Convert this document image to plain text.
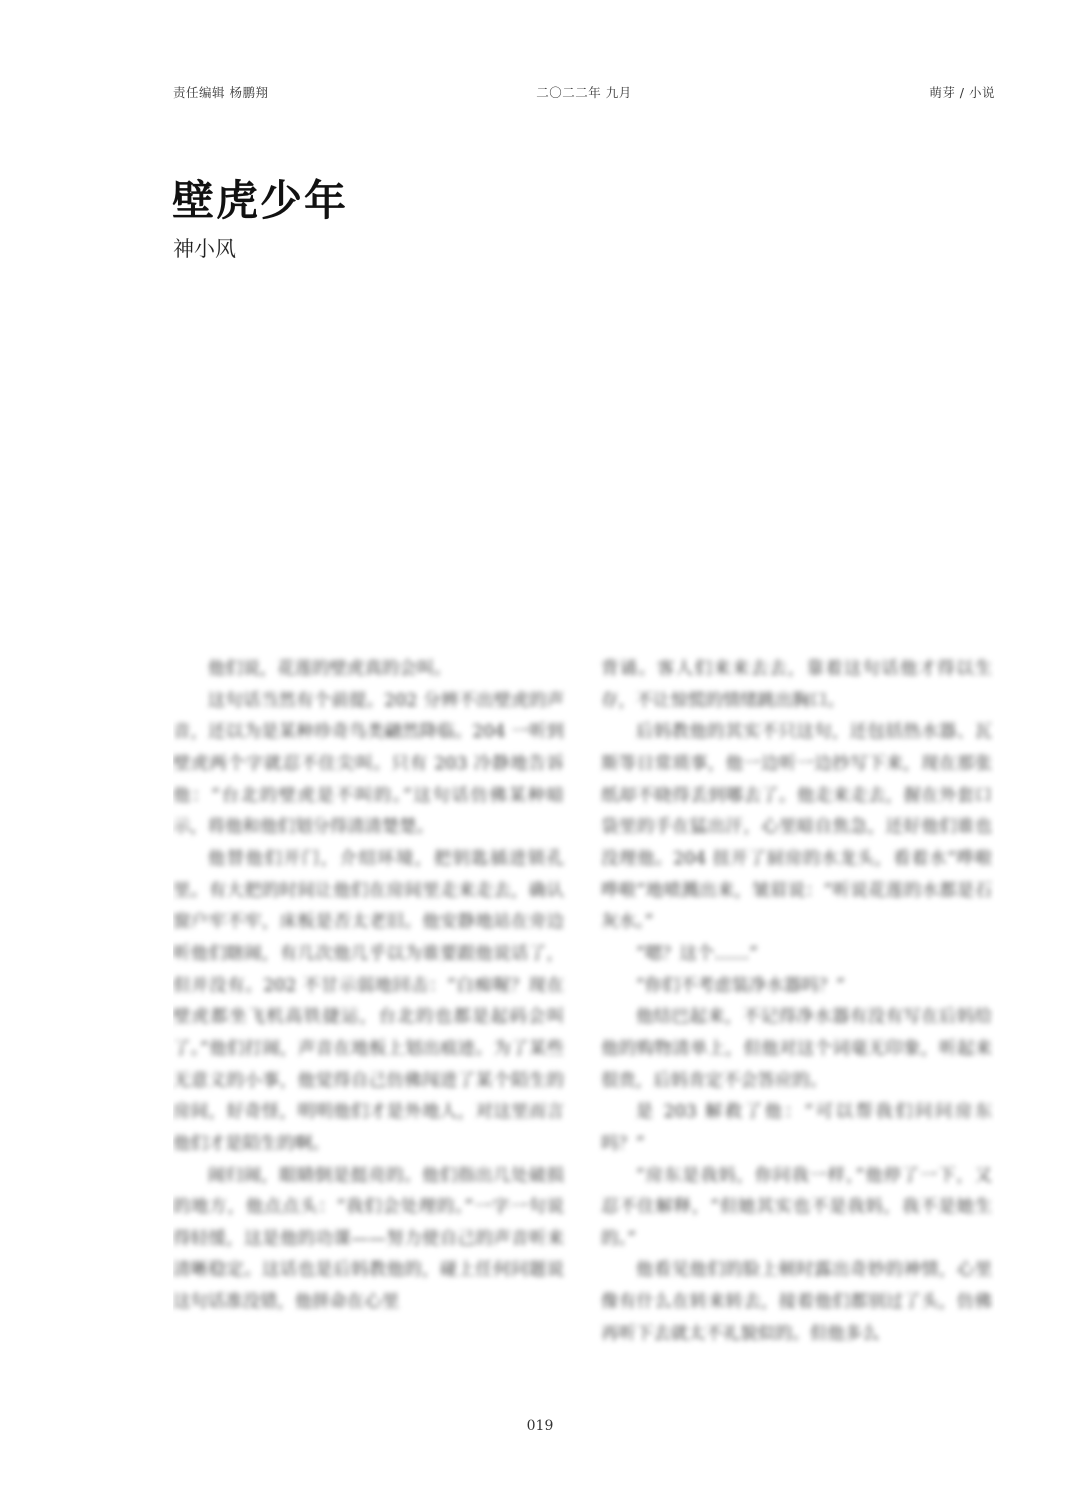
责任编辑 杨鹏翔	二〇二二年 九月	萌芽 / 小说
壁虎少年

神小风

他们说，花莲的壁虎真的会叫。

这句话当然有个前提。202 分辨不出壁虎的声音，还以为是某种珍奇鸟类翩然降临。204 一听到壁虎两个字就忍不住尖叫。只有 203 冷静地告诉他：“台北的壁虎是不叫的。”这句话仿佛某种暗示，将他和他们划分得清清楚楚。

他替他们开门，介绍环境，把钥匙插进锁孔里。有大把的时间让他们在房间里走来走去，确认窗户牢不牢，床板是否太老旧。他安静地站在旁边听他们瞎闹，有几次他几乎以为谁要跟他说话了，但并没有。202 不甘示弱地回击：“白痴喔？现在壁虎都坐飞机高铁捷运，台北的也都是起码会叫了。”他们打闹，声音在地板上划出痕迹。为了某些无意义的小事，他觉得自己仿佛闯进了某个陌生的房间，好奇怪，明明他们才是外地人，对这里而言他们才是陌生的啊。

闹归闹，眼睛倒是挺亮的。他们指出几处破损的地方，他点点头：“我们会处理的。”一字一句说得轻缓，这是他的功课——努力使自己的声音听来清晰稳定。这话也是后妈教他的，碰上任何问题说这句话准没错，他拼命在心里

背诵。客人们来来去去，靠着这句话他才得以生存，不让惊慌的情绪跳出胸口。

后妈教他的其实不只这句，还包括热水器、瓦斯等日常琐事，他一边听一边抄写下来，现在那张纸却不晓得丢到哪去了。他走来走去，握在外套口袋里的手在猛出汗，心里暗自焦急，还好他们谁也没理他。204 扭开了厨房的水龙头，看着水“哗啦哗啦”地喷溅出来，皱眉说：“听说花莲的水都是石灰水。”

“嗯？这个……”

“你们不考虑装净水器吗？”

他结巴起来，不记得净水器有没有写在后妈给他的购物清单上，但他对这个词毫无印象，听起来很贵，后妈肯定不会答应的。

是 203 解救了他：“可以帮我们问问房东吗？”

“房东是我妈，你问我一样，”他停了一下，又忍不住解释，“但她其实也不是我妈，我不是她生的。”

他看见他们的脸上顿时露出奇妙的神情，心里像有什么在转来转去，接着他们都别过了头，仿佛再听下去就太不礼貌似的。但他多么

019
